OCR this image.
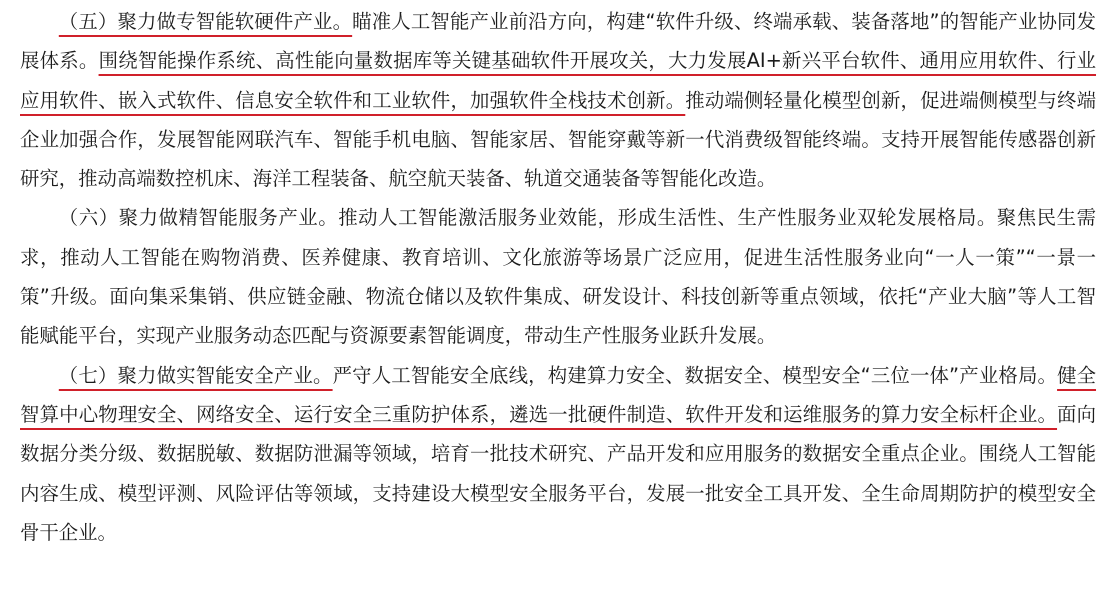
（五）聚力做专智能软硬件产业。瞄准人工智能产业前沿方向，构建“软件升级、终端承载、装备落地”的智能产业协同发展体系。围绕智能操作系统、高性能向量数据库等关键基础软件开展攻关，大力发展AI+新兴平台软件、通用应用软件、行业应用软件、嵌入式软件、信息安全软件和工业软件，加强软件全栈技术创新。推动端侧轻量化模型创新，促进端侧模型与终端企业加强合作，发展智能网联汽车、智能手机电脑、智能家居、智能穿戴等新一代消费级智能终端。支持开展智能传感器创新研究，推动高端数控机床、海洋工程装备、航空航天装备、轨道交通装备等智能化改造。

（六）聚力做精智能服务产业。推动人工智能激活服务业效能，形成生活性、生产性服务业双轮发展格局。聚焦民生需求，推动人工智能在购物消费、医养健康、教育培训、文化旅游等场景广泛应用，促进生活性服务业向“一人一策”“一景一策”升级。面向集采集销、供应链金融、物流仓储以及软件集成、研发设计、科技创新等重点领域，依托“产业大脑”等人工智能赋能平台，实现产业服务动态匹配与资源要素智能调度，带动生产性服务业跃升发展。

（七）聚力做实智能安全产业。严守人工智能安全底线，构建算力安全、数据安全、模型安全“三位一体”产业格局。健全智算中心物理安全、网络安全、运行安全三重防护体系，遴选一批硬件制造、软件开发和运维服务的算力安全标杆企业。面向数据分类分级、数据脱敏、数据防泄漏等领域，培育一批技术研究、产品开发和应用服务的数据安全重点企业。围绕人工智能内容生成、模型评测、风险评估等领域，支持建设大模型安全服务平台，发展一批安全工具开发、全生命周期防护的模型安全骨干企业。
